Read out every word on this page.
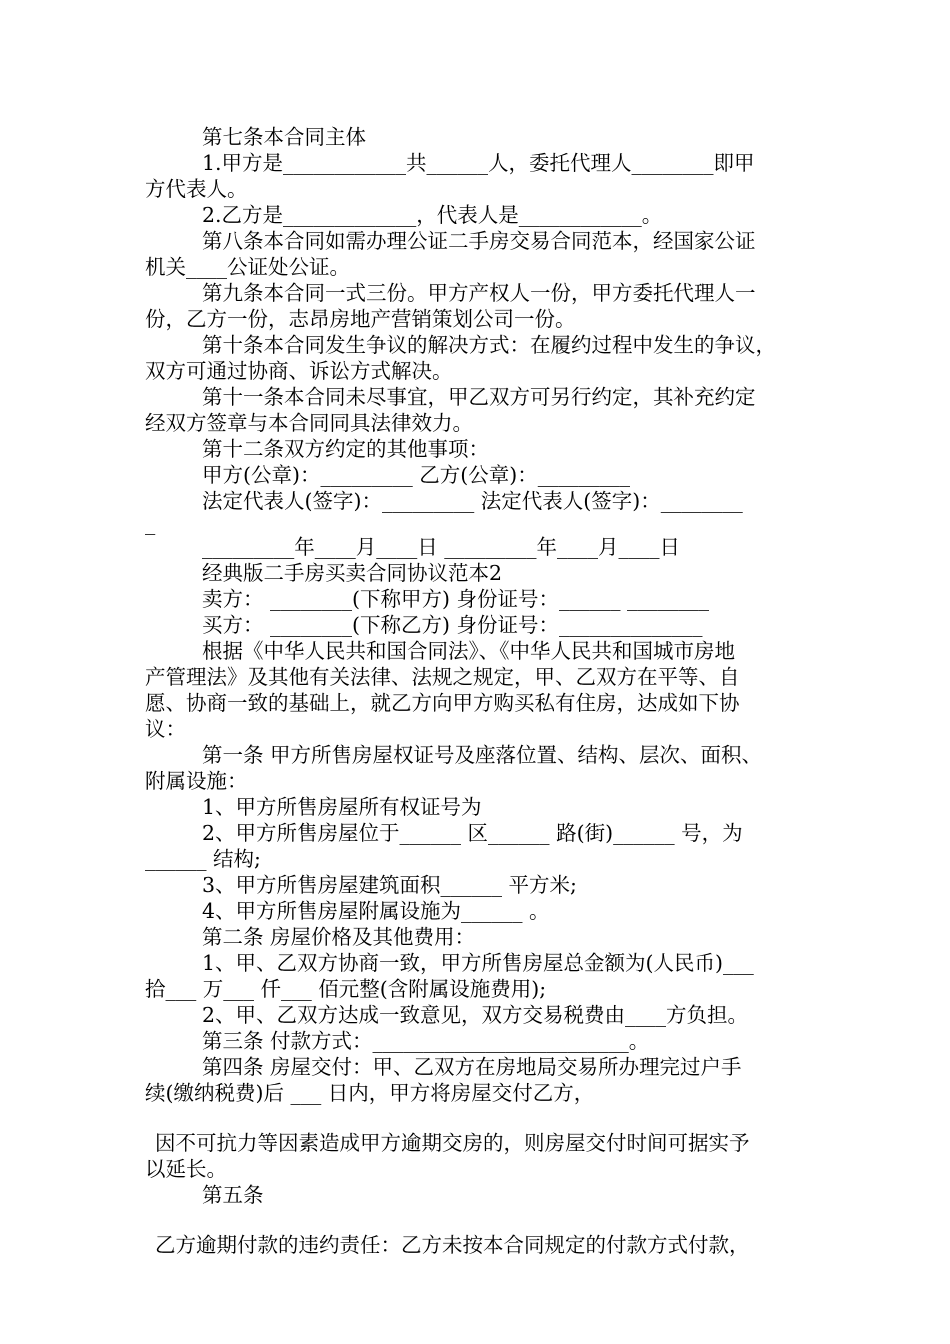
第七条本合同主体
1.甲方是____________共______人，委托代理人________即甲
方代表人。
2.乙方是_____________，代表人是____________。
第八条本合同如需办理公证二手房交易合同范本，经国家公证
机关____公证处公证。
第九条本合同一式三份。甲方产权人一份，甲方委托代理人一
份，乙方一份，志昂房地产营销策划公司一份。
第十条本合同发生争议的解决方式：在履约过程中发生的争议，
双方可通过协商、诉讼方式解决。
第十一条本合同未尽事宜，甲乙双方可另行约定，其补充约定
经双方签章与本合同同具法律效力。
第十二条双方约定的其他事项：
甲方(公章)：_________ 乙方(公章)：_________
法定代表人(签字)：_________ 法定代表人(签字)：________
_
_________年____月____日 _________年____月____日
经典版二手房买卖合同协议范本2
卖方： ________(下称甲方) 身份证号：______ ________
买方： ________(下称乙方) 身份证号：______________
根据《中华人民共和国合同法》、《中华人民共和国城市房地
产管理法》及其他有关法律、法规之规定，甲、乙双方在平等、自
愿、协商一致的基础上，就乙方向甲方购买私有住房，达成如下协
议：
第一条 甲方所售房屋权证号及座落位置、结构、层次、面积、
附属设施：
1、甲方所售房屋所有权证号为
2、甲方所售房屋位于______ 区______ 路(街)______ 号，为
______ 结构;
3、甲方所售房屋建筑面积______ 平方米;
4、甲方所售房屋附属设施为______ 。
第二条 房屋价格及其他费用：
1、甲、乙双方协商一致，甲方所售房屋总金额为(人民币)___
拾___ 万___ 仟___ 佰元整(含附属设施费用);
2、甲、乙双方达成一致意见，双方交易税费由____方负担。
第三条 付款方式：_________________________。
第四条 房屋交付：甲、乙双方在房地局交易所办理完过户手
续(缴纳税费)后 ___ 日内，甲方将房屋交付乙方，
因不可抗力等因素造成甲方逾期交房的，则房屋交付时间可据实予
以延长。
第五条
乙方逾期付款的违约责任：乙方未按本合同规定的付款方式付款，
